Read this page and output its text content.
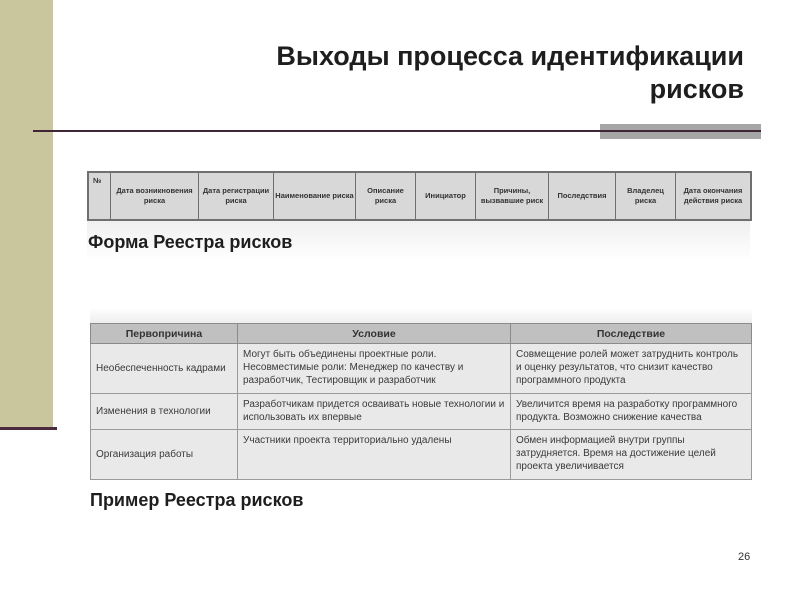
Выходы процесса идентификации
рисков
№	Дата возникновения риска	Дата регистрации риска	Наименование риска	Описание риска	Инициатор	Причины, вызвавшие риск	Последствия	Владелец риска	Дата окончания действия риска
Форма Реестра рисков
Первопричина	Условие	Последствие
Необеспеченность кадрами	Могут быть объединены проектные роли. Несовместимые роли: Менеджер по качеству и разработчик, Тестировщик и разработчик	Совмещение ролей может затруднить контроль и оценку результатов, что снизит качество программного продукта
Изменения в технологии	Разработчикам придется осваивать новые технологии и использовать их впервые	Увеличится время на разработку программного продукта. Возможно снижение качества
Организация работы	Участники проекта территориально удалены	Обмен информацией внутри группы затрудняется. Время на достижение целей проекта увеличивается
Пример Реестра рисков
26
